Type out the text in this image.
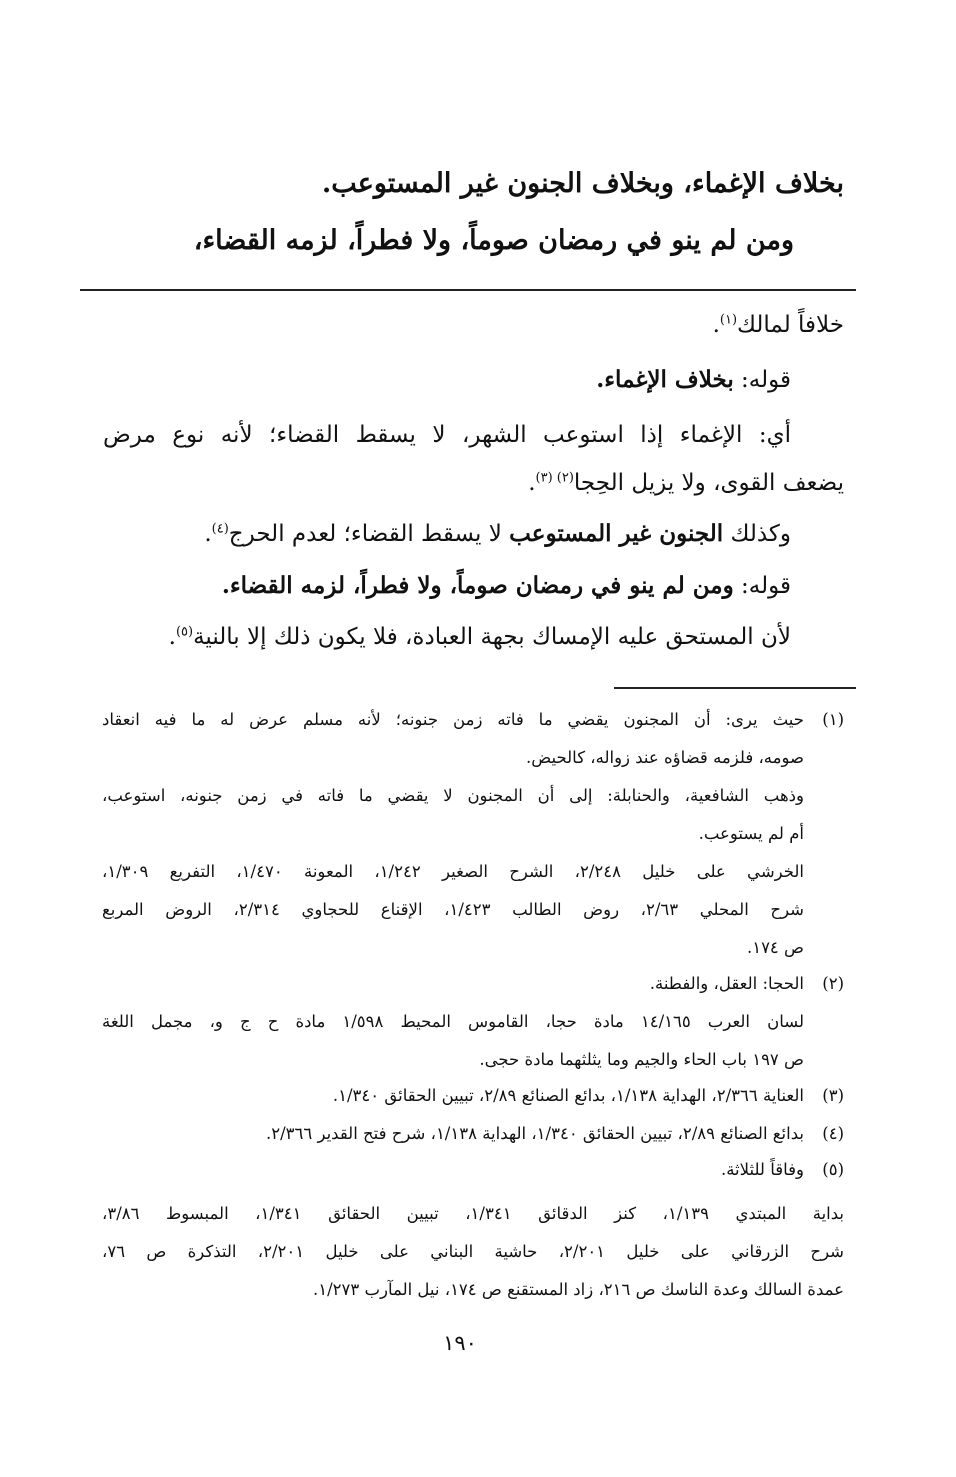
بخلاف الإغماء، وبخلاف الجنون غير المستوعب.
ومن لم ينو في رمضان صوماً، ولا فطراً، لزمه القضاء،
خلافاً لمالك$^{(١)}$.
قوله: بخلاف الإغماء.
أي: الإغماء إذا استوعب الشهر، لا يسقط القضاء؛ لأنه نوع مرض
يضعف القوى، ولا يزيل الحِجا$^{(٢) (٣)}$.
وكذلك الجنون غير المستوعب لا يسقط القضاء؛ لعدم الحرج$^{(٤)}$.
قوله: ومن لم ينو في رمضان صوماً، ولا فطراً، لزمه القضاء.
لأن المستحق عليه الإمساك بجهة العبادة، فلا يكون ذلك إلا بالنية$^{(٥)}$.
(١)
حيث يرى: أن المجنون يقضي ما فاته زمن جنونه؛ لأنه مسلم عرض له ما فيه انعقاد
صومه، فلزمه قضاؤه عند زواله، كالحيض.
وذهب الشافعية، والحنابلة: إلى أن المجنون لا يقضي ما فاته في زمن جنونه، استوعب،
أم لم يستوعب.
الخرشي على خليل ٢/٢٤٨، الشرح الصغير ١/٢٤٢، المعونة ١/٤٧٠، التفريع ١/٣٠٩،
شرح المحلي ٢/٦٣، روض الطالب ١/٤٢٣، الإقناع للحجاوي ٢/٣١٤، الروض المربع
ص ١٧٤.
(٢)
الحجا: العقل، والفطنة.
لسان العرب ١٤/١٦٥ مادة حجا، القاموس المحيط ١/٥٩٨ مادة ح ج و، مجمل اللغة
ص ١٩٧ باب الحاء والجيم وما يثلثهما مادة حجى.
(٣)
العناية ٢/٣٦٦، الهداية ١/١٣٨، بدائع الصنائع ٢/٨٩، تبيين الحقائق ١/٣٤٠.
(٤)
بدائع الصنائع ٢/٨٩، تبيين الحقائق ١/٣٤٠، الهداية ١/١٣٨، شرح فتح القدير ٢/٣٦٦.
(٥)
وفاقاً للثلاثة.
بداية المبتدي ١/١٣٩، كنز الدقائق ١/٣٤١، تبيين الحقائق ١/٣٤١، المبسوط ٣/٨٦،
شرح الزرقاني على خليل ٢/٢٠١، حاشية البناني على خليل ٢/٢٠١، التذكرة ص ٧٦،
عمدة السالك وعدة الناسك ص ٢١٦، زاد المستقنع ص ١٧٤، نيل المآرب ١/٢٧٣.
١٩٠
